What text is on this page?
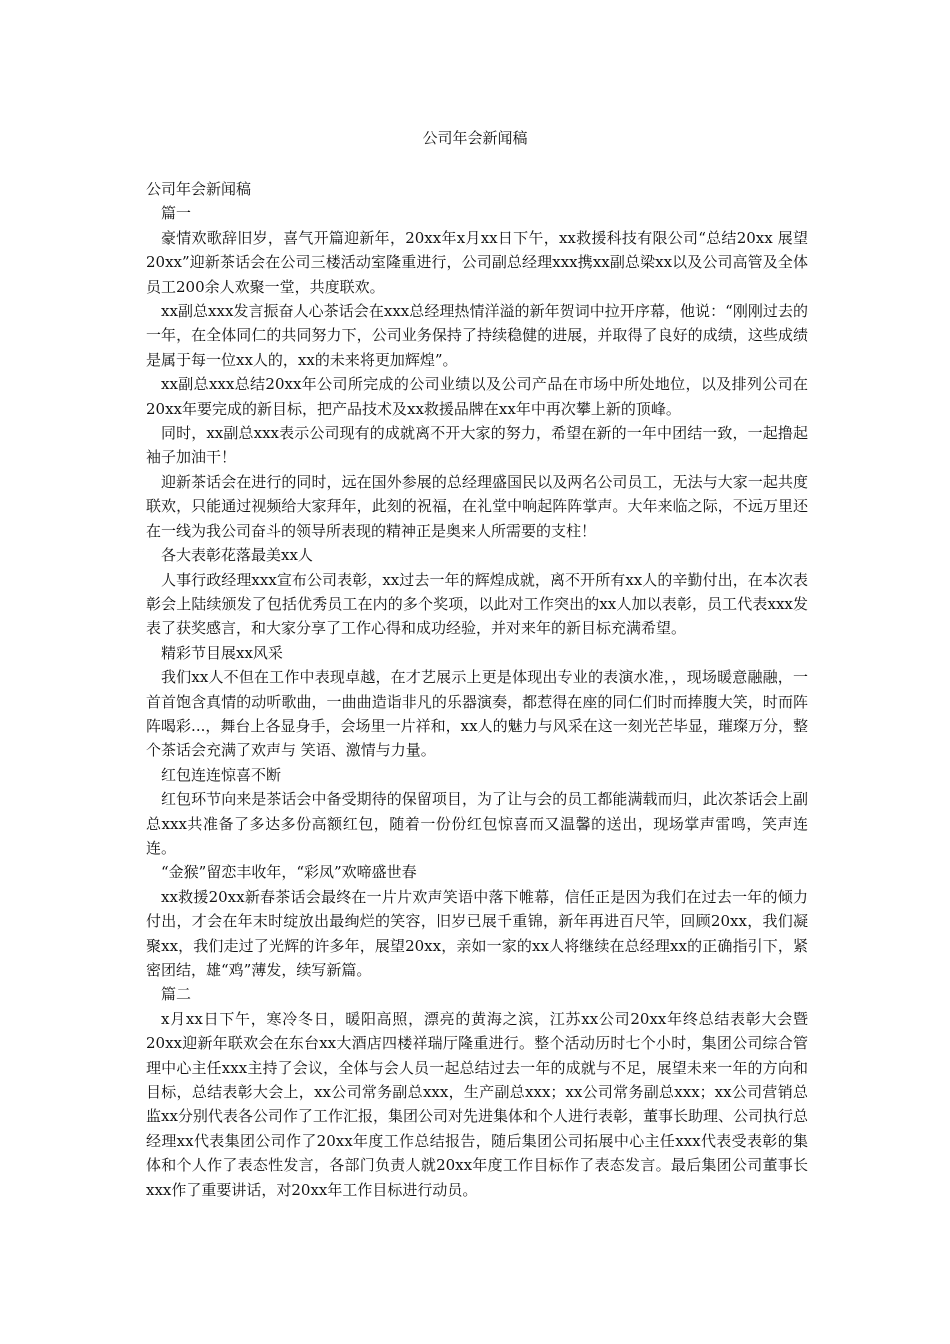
公司年会新闻稿

公司年会新闻稿

篇一

豪情欢歌辞旧岁，喜气开篇迎新年，20xx年x月xx日下午，xx救援科技有限公司“总结20xx 展望20xx”迎新茶话会在公司三楼活动室隆重进行，公司副总经理xxx携xx副总梁xx以及公司高管及全体员工200余人欢聚一堂，共度联欢。

xx副总xxx发言振奋人心茶话会在xxx总经理热情洋溢的新年贺词中拉开序幕，他说：“刚刚过去的一年，在全体同仁的共同努力下，公司业务保持了持续稳健的进展，并取得了良好的成绩，这些成绩是属于每一位xx人的，xx的未来将更加辉煌”。

xx副总xxx总结20xx年公司所完成的公司业绩以及公司产品在市场中所处地位，以及排列公司在20xx年要完成的新目标，把产品技术及xx救援品牌在xx年中再次攀上新的顶峰。

同时，xx副总xxx表示公司现有的成就离不开大家的努力，希望在新的一年中团结一致，一起撸起袖子加油干！

迎新茶话会在进行的同时，远在国外参展的总经理盛国民以及两名公司员工，无法与大家一起共度联欢，只能通过视频给大家拜年，此刻的祝福，在礼堂中响起阵阵掌声。大年来临之际，不远万里还在一线为我公司奋斗的领导所表现的精神正是奥来人所需要的支柱！

各大表彰花落最美xx人

人事行政经理xxx宣布公司表彰，xx过去一年的辉煌成就，离不开所有xx人的辛勤付出，在本次表彰会上陆续颁发了包括优秀员工在内的多个奖项，以此对工作突出的xx人加以表彰，员工代表xxx发表了获奖感言，和大家分享了工作心得和成功经验，并对来年的新目标充满希望。

精彩节目展xx风采

我们xx人不但在工作中表现卓越，在才艺展示上更是体现出专业的表演水准，，现场暖意融融，一首首饱含真情的动听歌曲，一曲曲造诣非凡的乐器演奏，都惹得在座的同仁们时而捧腹大笑，时而阵阵喝彩...，舞台上各显身手，会场里一片祥和，xx人的魅力与风采在这一刻光芒毕显，璀璨万分，整个茶话会充满了欢声与 笑语、激情与力量。

红包连连惊喜不断

红包环节向来是茶话会中备受期待的保留项目，为了让与会的员工都能满载而归，此次茶话会上副总xxx共准备了多达多份高额红包，随着一份份红包惊喜而又温馨的送出，现场掌声雷鸣，笑声连连。

“金猴”留恋丰收年，“彩凤”欢啼盛世春

xx救援20xx新春茶话会最终在一片片欢声笑语中落下帷幕，信任正是因为我们在过去一年的倾力付出，才会在年末时绽放出最绚烂的笑容，旧岁已展千重锦，新年再进百尺竿，回顾20xx，我们凝聚xx，我们走过了光辉的许多年，展望20xx，亲如一家的xx人将继续在总经理xx的正确指引下，紧密团结，雄“鸡”薄发，续写新篇。

篇二

x月xx日下午，寒冷冬日，暖阳高照，漂亮的黄海之滨，江苏xx公司20xx年终总结表彰大会暨20xx迎新年联欢会在东台xx大酒店四楼祥瑞厅隆重进行。整个活动历时七个小时，集团公司综合管理中心主任xxx主持了会议，全体与会人员一起总结过去一年的成就与不足，展望未来一年的方向和目标，总结表彰大会上，xx公司常务副总xxx，生产副总xxx；xx公司常务副总xxx；xx公司营销总监xx分别代表各公司作了工作汇报，集团公司对先进集体和个人进行表彰，董事长助理、公司执行总经理xx代表集团公司作了20xx年度工作总结报告，随后集团公司拓展中心主任xxx代表受表彰的集体和个人作了表态性发言，各部门负责人就20xx年度工作目标作了表态发言。最后集团公司董事长xxx作了重要讲话，对20xx年工作目标进行动员。
